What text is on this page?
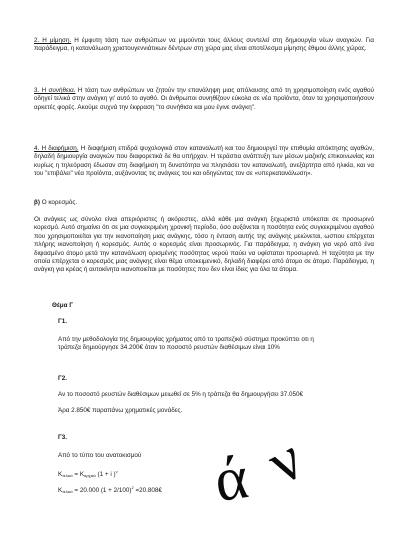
2. Η μίμηση. Η έμφυτη τάση των ανθρώπων να μιμούνται τους άλλους συντελεί στη δημιουργία νέων αναγκών. Για παράδειγμα, η κατανάλωση χριστουγεννιάτικων δέντρων στη χώρα μας είναι αποτέλεσμα μίμησης έθιμου άλλης χώρας.

3. Η συνήθεια. Η τάση των ανθρώπων να ζητούν την επανάληψη μιας απόλαυσης από τη χρησιμοποίηση ενός αγαθού οδηγεί τελικά στην ανάγκη γι' αυτό το αγαθό. Οι άνθρωποι συνηθίζουν εύκολα σε νέα προϊόντα, όταν τα χρησιμοποιήσουν αρκετές φορές. Ακούμε συχνά την έκφραση "το συνήθισα και μου έγινε ανάγκη".

4. Η διαφήμιση. Η διαφήμιση επιδρά ψυχολογικά στον καταναλωτή και του δημιουργεί την επιθυμία απόκτησης αγαθών, δηλαδή δημιουργία αναγκών που διαφορετικά δε θα υπήρχαν. Η τεράστια ανάπτυξη των μέσων μαζικής επικοινωνίας και κυρίως η τηλεόραση έδωσαν στη διαφήμιση τη δυνατότητα να πλησιάσει τον καταναλωτή, ανεξάρτητα από ηλικία, και να του "επιβάλει" νέα προϊόντα, αυξάνοντας τις ανάγκες του και οδηγώντας τον σε «υπερκατανάλωση».

β) Ο κορεσμός.

Οι ανάγκες ως σύνολο είναι απεριόριστες ή ακόρεστες, αλλά κάθε μια ανάγκη ξεχωριστά υπόκειται σε προσωρινό κορεσμό. Αυτό σημαίνει ότι σε μια συγκεκριμένη χρονική περίοδο, όσο αυξάνεται η ποσότητα ενός συγκεκριμένου αγαθού που χρησιμοποιείται για την ικανοποίηση μιας ανάγκης, τόσο η ένταση αυτής της ανάγκης μειώνεται, ωσπου επέρχεται πλήρης ικανοποίηση ή κορεσμός. Αυτός ο κορεσμός είναι προσωρινός. Για παράδειγμα, η ανάγκη για νερό από ένα διψασμένο άτομο μετά την κατανάλωση ορισμένης ποσότητας νερού παύει να υφίσταται προσωρινά. Η ταχύτητα με την οποία επέρχεται ο κορεσμός μιας ανάγκης είναι θέμα υποκειμενικό, δηλαδή διαφέρει από άτομο σε άτομο. Παράδειγμα, η ανάγκη για κρέας ή αυτοκίνητα ικανοποιείται με ποσότητες που δεν είναι ίδιες για όλα τα άτομα.

Θέμα Γ

Γ1.

Από την μεθοδολογία της δημιουργίας χρήματος από το τραπεζικό σύστημα προκύπτει οτι η

τράπεζα δημιούργησε 34.200€ όταν το ποσοστό ρευστών διαθέσιμων είναι 10%

Γ2.

Αν το ποσοστό ρευστών διαθέσιμων μειωθεί σε 5% η τράπεζα θα δημιουργήσει 37.050€

Άρα 2.850€ παραπάνω χρηματικές μονάδες.

Γ3.

Από το τύπο του ανατοκισμού

$K_{\tau\varepsilon\lambda\iota\kappa ό} = K_{\alpha\rho\chi\iota\kappa ό}$ (1 + i )$^\nu$

$K_{\tau\varepsilon\lambda\iota\kappa ό} = 20.000$ $(1 + 2/100)^2$ =20.808€ ά ν
